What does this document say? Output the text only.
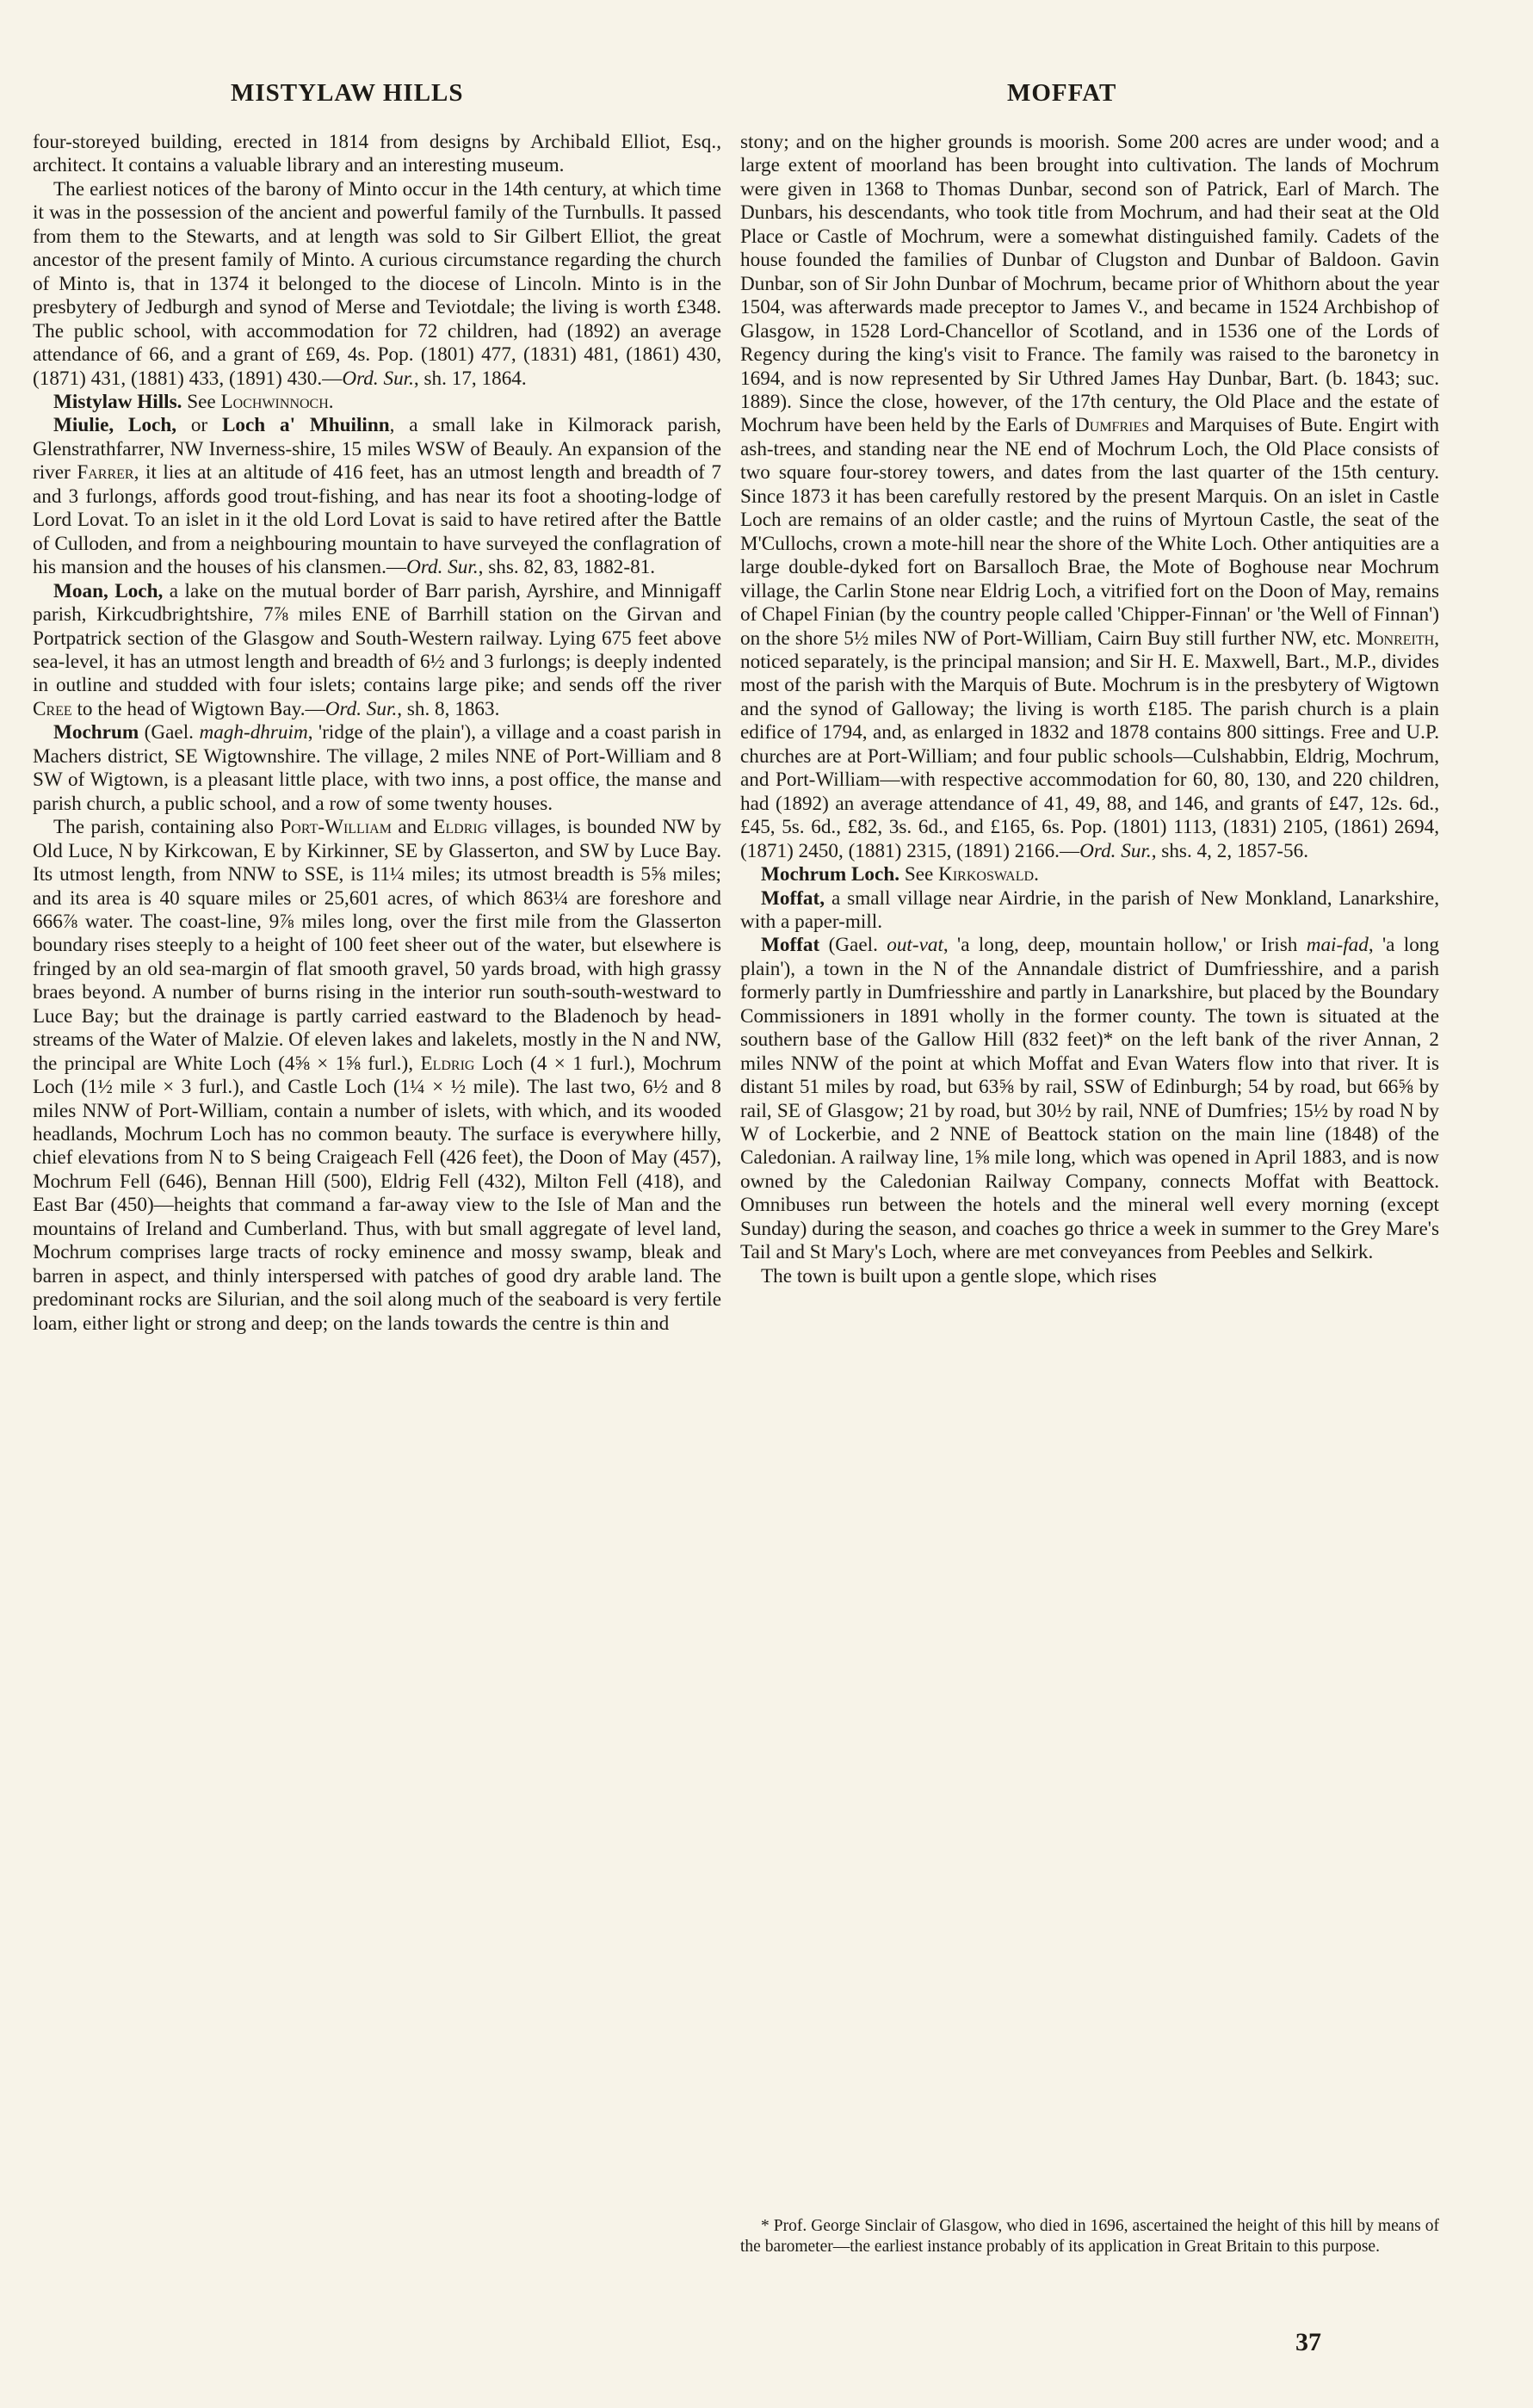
MISTYLAW HILLS	MOFFAT

four-storeyed building, erected in 1814 from designs by Archibald Elliot, Esq., architect. It contains a valuable library and an interesting museum.

The earliest notices of the barony of Minto occur in the 14th century, at which time it was in the possession of the ancient and powerful family of the Turnbulls. It passed from them to the Stewarts, and at length was sold to Sir Gilbert Elliot, the great ancestor of the present family of Minto. A curious circumstance regarding the church of Minto is, that in 1374 it belonged to the diocese of Lincoln. Minto is in the presbytery of Jedburgh and synod of Merse and Teviotdale; the living is worth £348. The public school, with accommodation for 72 children, had (1892) an average attendance of 66, and a grant of £69, 4s. Pop. (1801) 477, (1831) 481, (1861) 430, (1871) 431, (1881) 433, (1891) 430.—Ord. Sur., sh. 17, 1864.

Mistylaw Hills. See Lochwinnoch.

Miulie, Loch, or Loch a' Mhuilinn, a small lake in Kilmorack parish, Glenstrathfarrer, NW Inverness-shire, 15 miles WSW of Beauly. An expansion of the river Farrer, it lies at an altitude of 416 feet, has an utmost length and breadth of 7 and 3 furlongs, affords good trout-fishing, and has near its foot a shooting-lodge of Lord Lovat. To an islet in it the old Lord Lovat is said to have retired after the Battle of Culloden, and from a neighbouring mountain to have surveyed the conflagration of his mansion and the houses of his clansmen.—Ord. Sur., shs. 82, 83, 1882-81.

Moan, Loch, a lake on the mutual border of Barr parish, Ayrshire, and Minnigaff parish, Kirkcudbrightshire, 7⅞ miles ENE of Barrhill station on the Girvan and Portpatrick section of the Glasgow and South-Western railway. Lying 675 feet above sea-level, it has an utmost length and breadth of 6½ and 3 furlongs; is deeply indented in outline and studded with four islets; contains large pike; and sends off the river Cree to the head of Wigtown Bay.—Ord. Sur., sh. 8, 1863.

Mochrum (Gael. magh-dhruim, 'ridge of the plain'), a village and a coast parish in Machers district, SE Wigtownshire. The village, 2 miles NNE of Port-William and 8 SW of Wigtown, is a pleasant little place, with two inns, a post office, the manse and parish church, a public school, and a row of some twenty houses.

The parish, containing also Port-William and Eldrig villages, is bounded NW by Old Luce, N by Kirkcowan, E by Kirkinner, SE by Glasserton, and SW by Luce Bay. Its utmost length, from NNW to SSE, is 11¼ miles; its utmost breadth is 5⅝ miles; and its area is 40 square miles or 25,601 acres, of which 863¼ are foreshore and 666⅞ water. The coast-line, 9⅞ miles long, over the first mile from the Glasserton boundary rises steeply to a height of 100 feet sheer out of the water, but elsewhere is fringed by an old sea-margin of flat smooth gravel, 50 yards broad, with high grassy braes beyond. A number of burns rising in the interior run south-south-westward to Luce Bay; but the drainage is partly carried eastward to the Bladenoch by head-streams of the Water of Malzie. Of eleven lakes and lakelets, mostly in the N and NW, the principal are White Loch (4⅝ × 1⅝ furl.), Eldrig Loch (4 × 1 furl.), Mochrum Loch (1½ mile × 3 furl.), and Castle Loch (1¼ × ½ mile). The last two, 6½ and 8 miles NNW of Port-William, contain a number of islets, with which, and its wooded headlands, Mochrum Loch has no common beauty. The surface is everywhere hilly, chief elevations from N to S being Craigeach Fell (426 feet), the Doon of May (457), Mochrum Fell (646), Bennan Hill (500), Eldrig Fell (432), Milton Fell (418), and East Bar (450)—heights that command a far-away view to the Isle of Man and the mountains of Ireland and Cumberland. Thus, with but small aggregate of level land, Mochrum comprises large tracts of rocky eminence and mossy swamp, bleak and barren in aspect, and thinly interspersed with patches of good dry arable land. The predominant rocks are Silurian, and the soil along much of the seaboard is very fertile loam, either light or strong and deep; on the lands towards the centre is thin and

stony; and on the higher grounds is moorish. Some 200 acres are under wood; and a large extent of moorland has been brought into cultivation. The lands of Mochrum were given in 1368 to Thomas Dunbar, second son of Patrick, Earl of March. The Dunbars, his descendants, who took title from Mochrum, and had their seat at the Old Place or Castle of Mochrum, were a somewhat distinguished family. Cadets of the house founded the families of Dunbar of Clugston and Dunbar of Baldoon. Gavin Dunbar, son of Sir John Dunbar of Mochrum, became prior of Whithorn about the year 1504, was afterwards made preceptor to James V., and became in 1524 Archbishop of Glasgow, in 1528 Lord-Chancellor of Scotland, and in 1536 one of the Lords of Regency during the king's visit to France. The family was raised to the baronetcy in 1694, and is now represented by Sir Uthred James Hay Dunbar, Bart. (b. 1843; suc. 1889). Since the close, however, of the 17th century, the Old Place and the estate of Mochrum have been held by the Earls of Dumfries and Marquises of Bute. Engirt with ash-trees, and standing near the NE end of Mochrum Loch, the Old Place consists of two square four-storey towers, and dates from the last quarter of the 15th century. Since 1873 it has been carefully restored by the present Marquis. On an islet in Castle Loch are remains of an older castle; and the ruins of Myrtoun Castle, the seat of the M'Cullochs, crown a mote-hill near the shore of the White Loch. Other antiquities are a large double-dyked fort on Barsalloch Brae, the Mote of Boghouse near Mochrum village, the Carlin Stone near Eldrig Loch, a vitrified fort on the Doon of May, remains of Chapel Finian (by the country people called 'Chipper-Finnan' or 'the Well of Finnan') on the shore 5½ miles NW of Port-William, Cairn Buy still further NW, etc. Monreith, noticed separately, is the principal mansion; and Sir H. E. Maxwell, Bart., M.P., divides most of the parish with the Marquis of Bute. Mochrum is in the presbytery of Wigtown and the synod of Galloway; the living is worth £185. The parish church is a plain edifice of 1794, and, as enlarged in 1832 and 1878 contains 800 sittings. Free and U.P. churches are at Port-William; and four public schools—Culshabbin, Eldrig, Mochrum, and Port-William—with respective accommodation for 60, 80, 130, and 220 children, had (1892) an average attendance of 41, 49, 88, and 146, and grants of £47, 12s. 6d., £45, 5s. 6d., £82, 3s. 6d., and £165, 6s. Pop. (1801) 1113, (1831) 2105, (1861) 2694, (1871) 2450, (1881) 2315, (1891) 2166.—Ord. Sur., shs. 4, 2, 1857-56.

Mochrum Loch. See Kirkoswald.

Moffat, a small village near Airdrie, in the parish of New Monkland, Lanarkshire, with a paper-mill.

Moffat (Gael. out-vat, 'a long, deep, mountain hollow,' or Irish mai-fad, 'a long plain'), a town in the N of the Annandale district of Dumfriesshire, and a parish formerly partly in Dumfriesshire and partly in Lanarkshire, but placed by the Boundary Commissioners in 1891 wholly in the former county. The town is situated at the southern base of the Gallow Hill (832 feet)* on the left bank of the river Annan, 2 miles NNW of the point at which Moffat and Evan Waters flow into that river. It is distant 51 miles by road, but 63⅝ by rail, SSW of Edinburgh; 54 by road, but 66⅝ by rail, SE of Glasgow; 21 by road, but 30½ by rail, NNE of Dumfries; 15½ by road N by W of Lockerbie, and 2 NNE of Beattock station on the main line (1848) of the Caledonian. A railway line, 1⅝ mile long, which was opened in April 1883, and is now owned by the Caledonian Railway Company, connects Moffat with Beattock. Omnibuses run between the hotels and the mineral well every morning (except Sunday) during the season, and coaches go thrice a week in summer to the Grey Mare's Tail and St Mary's Loch, where are met conveyances from Peebles and Selkirk.

The town is built upon a gentle slope, which rises

* Prof. George Sinclair of Glasgow, who died in 1696, ascertained the height of this hill by means of the barometer—the earliest instance probably of its application in Great Britain to this purpose.
37
